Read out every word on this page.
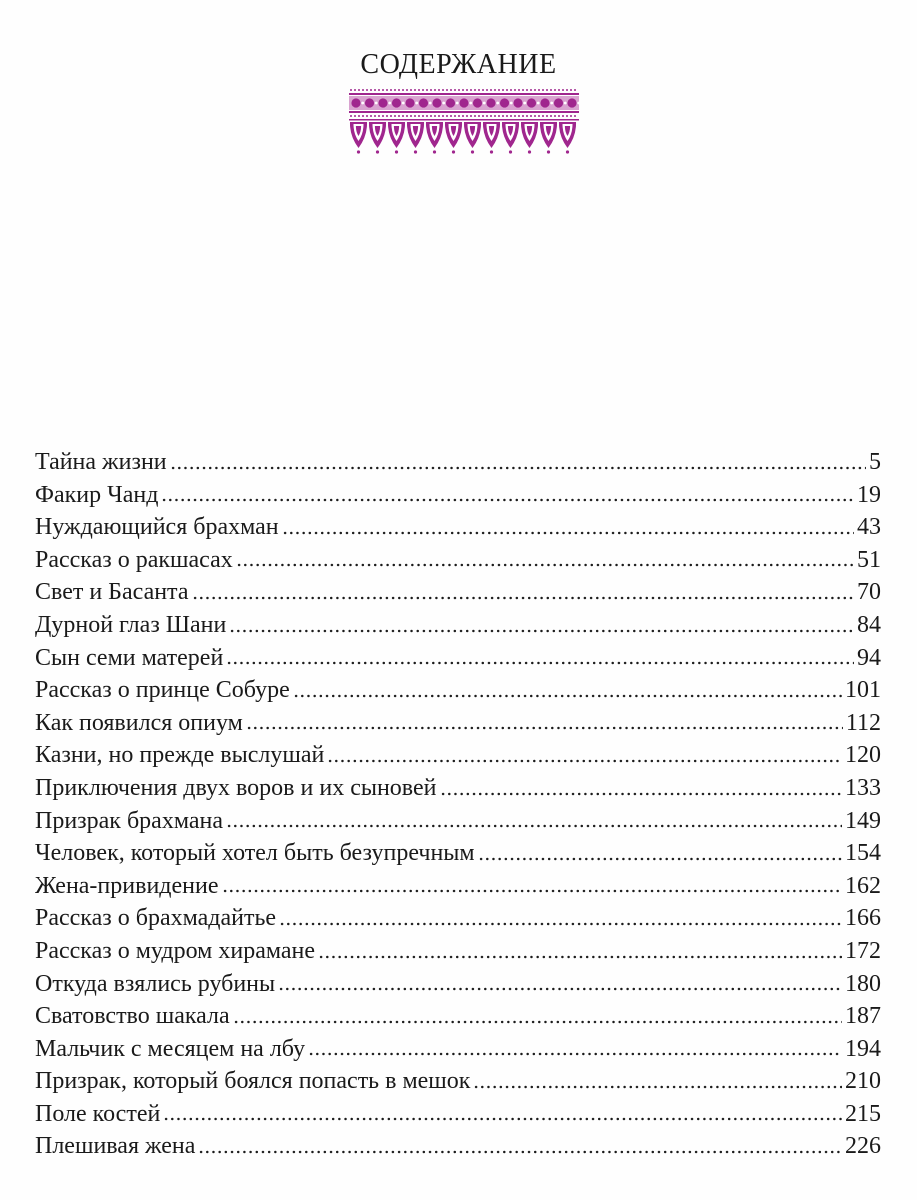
СОДЕРЖАНИЕ
Тайна жизни	5
Факир Чанд	19
Нуждающийся брахман	43
Рассказ о ракшасах	51
Свет и Басанта	70
Дурной глаз Шани	84
Сын семи матерей	94
Рассказ о принце Собуре	101
Как появился опиум	112
Казни, но прежде выслушай	120
Приключения двух воров и их сыновей	133
Призрак брахмана	149
Человек, который хотел быть безупречным	154
Жена-привидение	162
Рассказ о брахмадайтье	166
Рассказ о мудром хирамане	172
Откуда взялись рубины	180
Сватовство шакала	187
Мальчик с месяцем на лбу	194
Призрак, который боялся попасть в мешок	210
Поле костей	215
Плешивая жена	226
